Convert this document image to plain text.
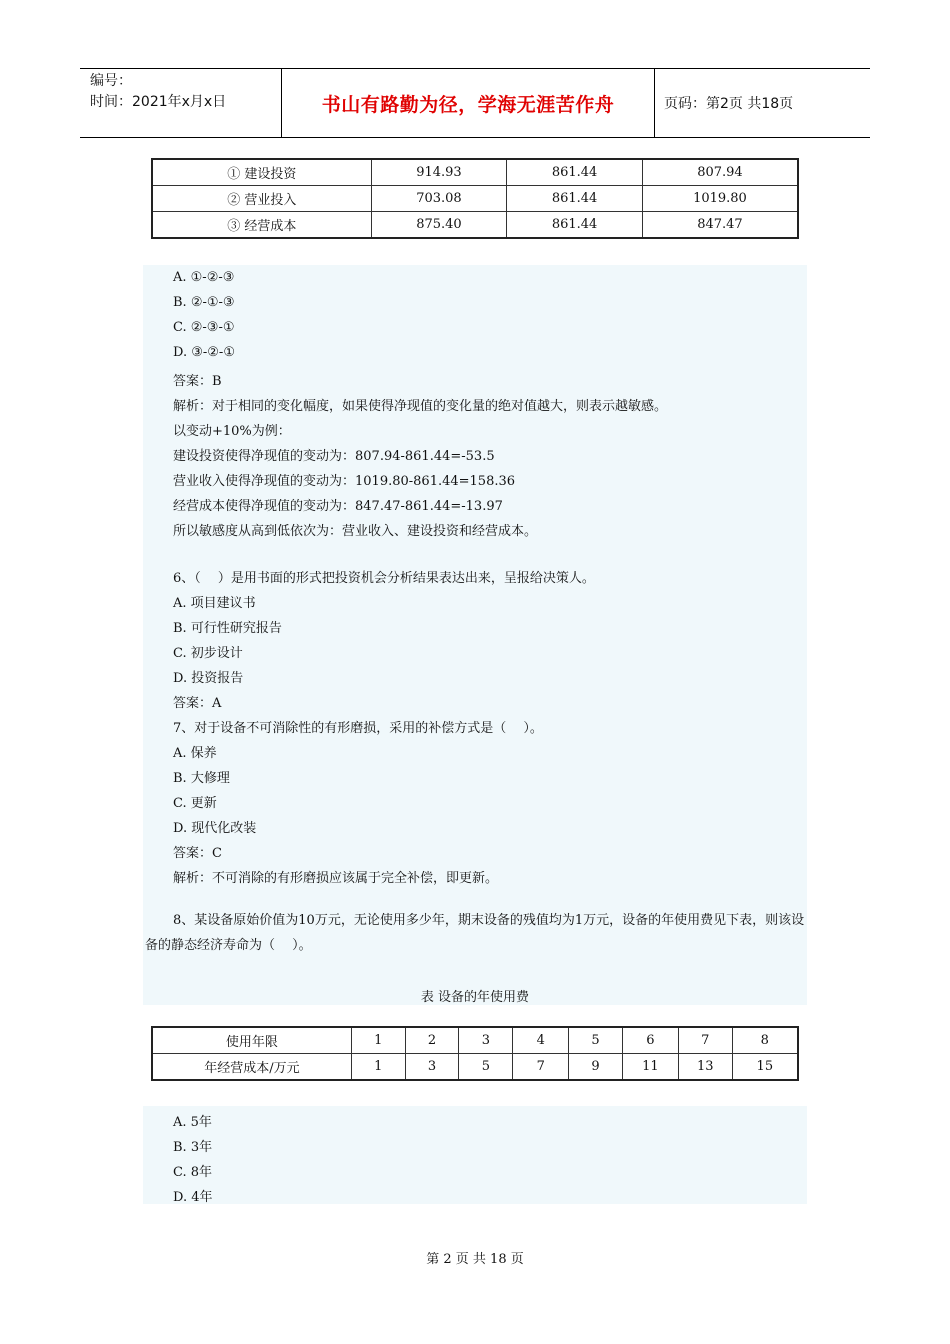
编号：
时间：2021年x月x日	书山有路勤为径，学海无涯苦作舟	页码：第2页 共18页
① 建设投资	914.93	861.44	807.94
② 营业投入	703.08	861.44	1019.80
③ 经营成本	875.40	861.44	847.47
A. ①-②-③
B. ②-①-③
C. ②-③-①
D. ③-②-①
答案：B
解析：对于相同的变化幅度，如果使得净现值的变化量的绝对值越大，则表示越敏感。
以变动+10%为例：
建设投资使得净现值的变动为：807.94-861.44=-53.5
营业收入使得净现值的变动为：1019.80-861.44=158.36
经营成本使得净现值的变动为：847.47-861.44=-13.97
所以敏感度从高到低依次为：营业收入、建设投资和经营成本。
6、（　 ）是用书面的形式把投资机会分析结果表达出来，呈报给决策人。
A. 项目建议书
B. 可行性研究报告
C. 初步设计
D. 投资报告
答案：A
7、对于设备不可消除性的有形磨损，采用的补偿方式是（　 ）。
A. 保养
B. 大修理
C. 更新
D. 现代化改装
答案：C
解析：不可消除的有形磨损应该属于完全补偿，即更新。
8、某设备原始价值为10万元，无论使用多少年，期末设备的残值均为1万元，设备的年使用费见下表，则该设备的静态经济寿命为（　 ）。
表 设备的年使用费
使用年限	1	2	3	4	5	6	7	8
年经营成本/万元	1	3	5	7	9	11	13	15
A. 5年
B. 3年
C. 8年
D. 4年
第 2 页 共 18 页
